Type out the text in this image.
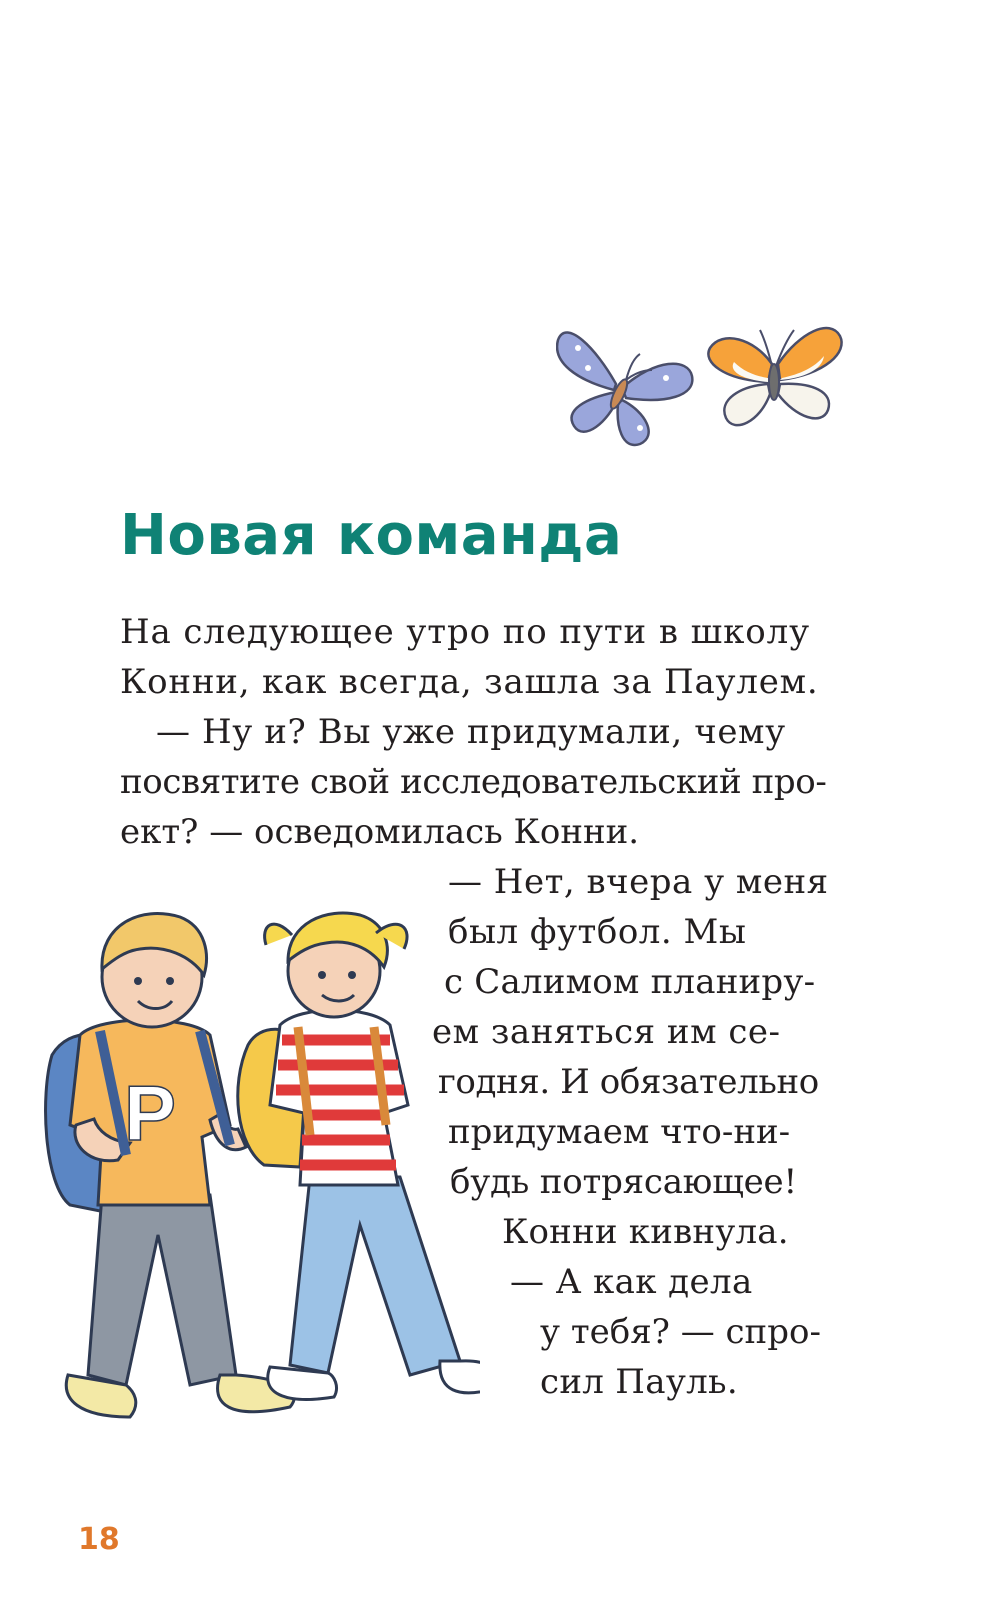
Новая команда
На следующее утро по пути в школу
Конни, как всегда, зашла за Паулем.
— Ну и? Вы уже придумали, чему
посвятите свой исследовательский про-
ект? — осведомилась Конни.
— Нет, вчера у меня
был футбол. Мы
с Салимом планиру-
ем заняться им се-
годня. И обязательно
придумаем что-ни-
будь потрясающее!
Конни кивнула.
— А как дела
у тебя? — спро-
сил Пауль.
P
18
